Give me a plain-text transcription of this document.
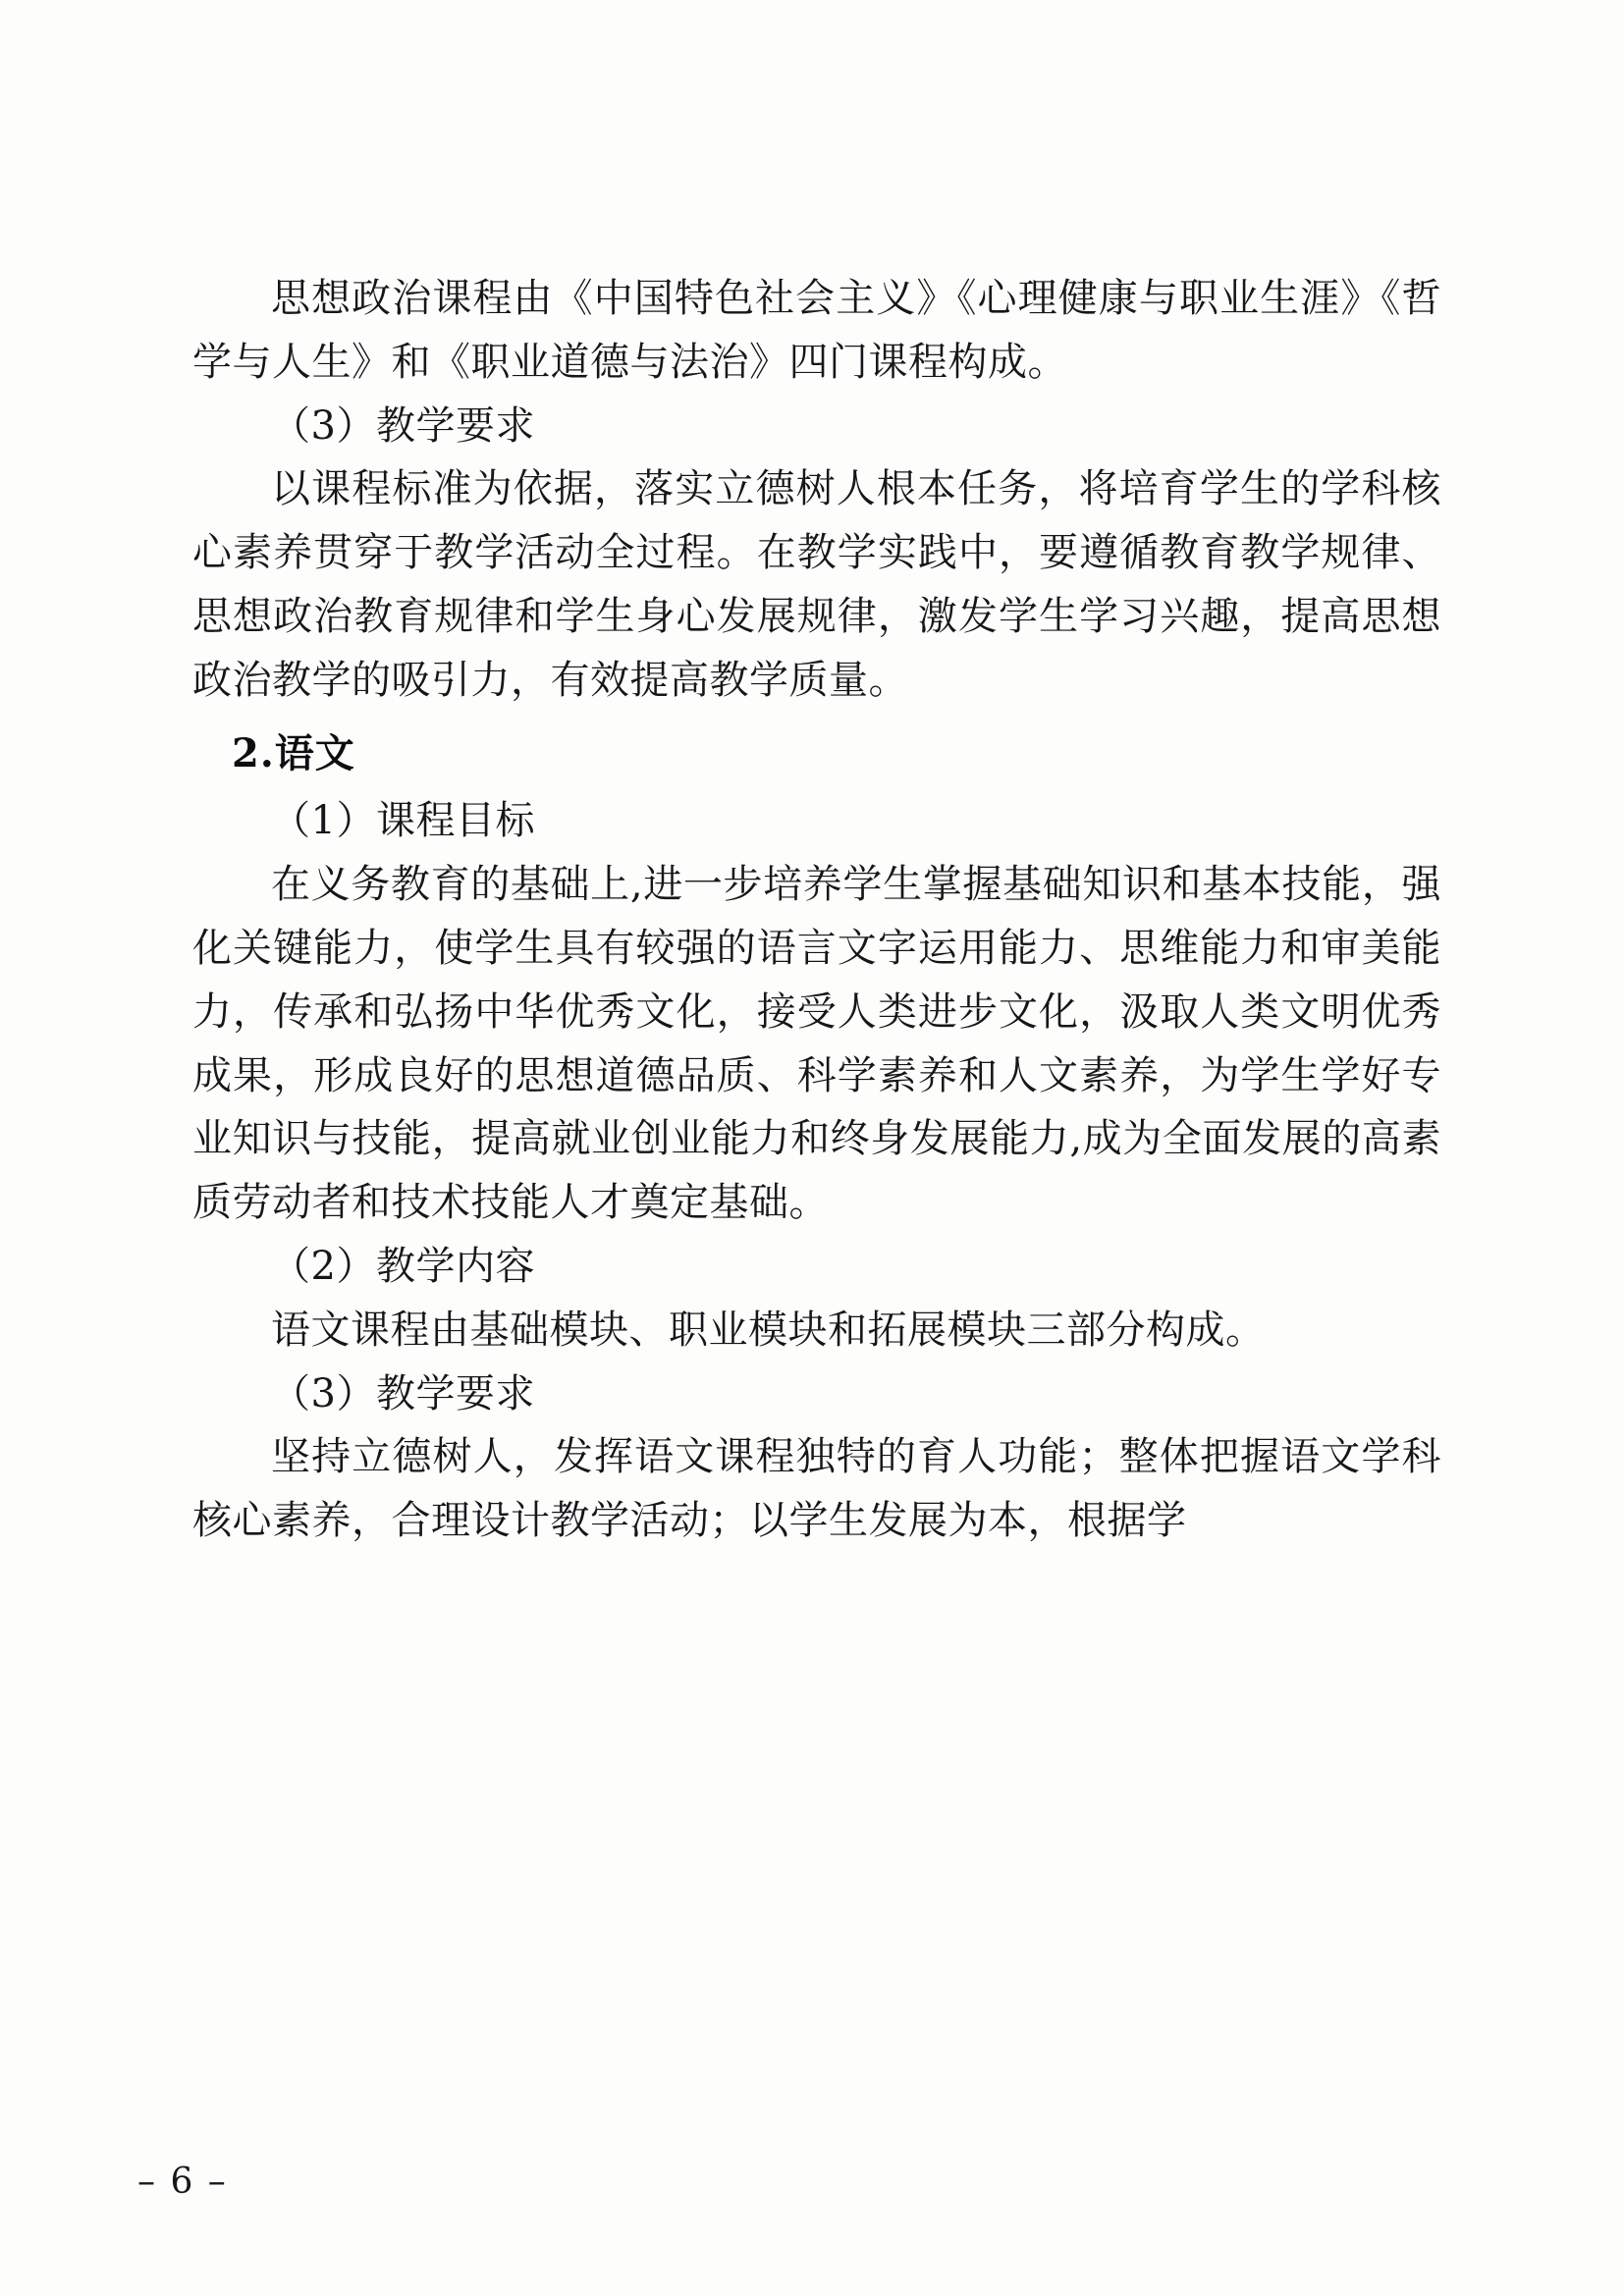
思想政治课程由《中国特色社会主义》《心理健康与职业生涯》《哲学与人生》和《职业道德与法治》四门课程构成。

（3）教学要求

以课程标准为依据，落实立德树人根本任务，将培育学生的学科核心素养贯穿于教学活动全过程。在教学实践中，要遵循教育教学规律、思想政治教育规律和学生身心发展规律，激发学生学习兴趣，提高思想政治教学的吸引力，有效提高教学质量。

2.语文

（1）课程目标

在义务教育的基础上,进一步培养学生掌握基础知识和基本技能，强化关键能力，使学生具有较强的语言文字运用能力、思维能力和审美能力，传承和弘扬中华优秀文化，接受人类进步文化，汲取人类文明优秀成果，形成良好的思想道德品质、科学素养和人文素养，为学生学好专业知识与技能，提高就业创业能力和终身发展能力,成为全面发展的高素质劳动者和技术技能人才奠定基础。

（2）教学内容

语文课程由基础模块、职业模块和拓展模块三部分构成。

（3）教学要求

坚持立德树人，发挥语文课程独特的育人功能；整体把握语文学科核心素养，合理设计教学活动；以学生发展为本，根据学

– 6 –
